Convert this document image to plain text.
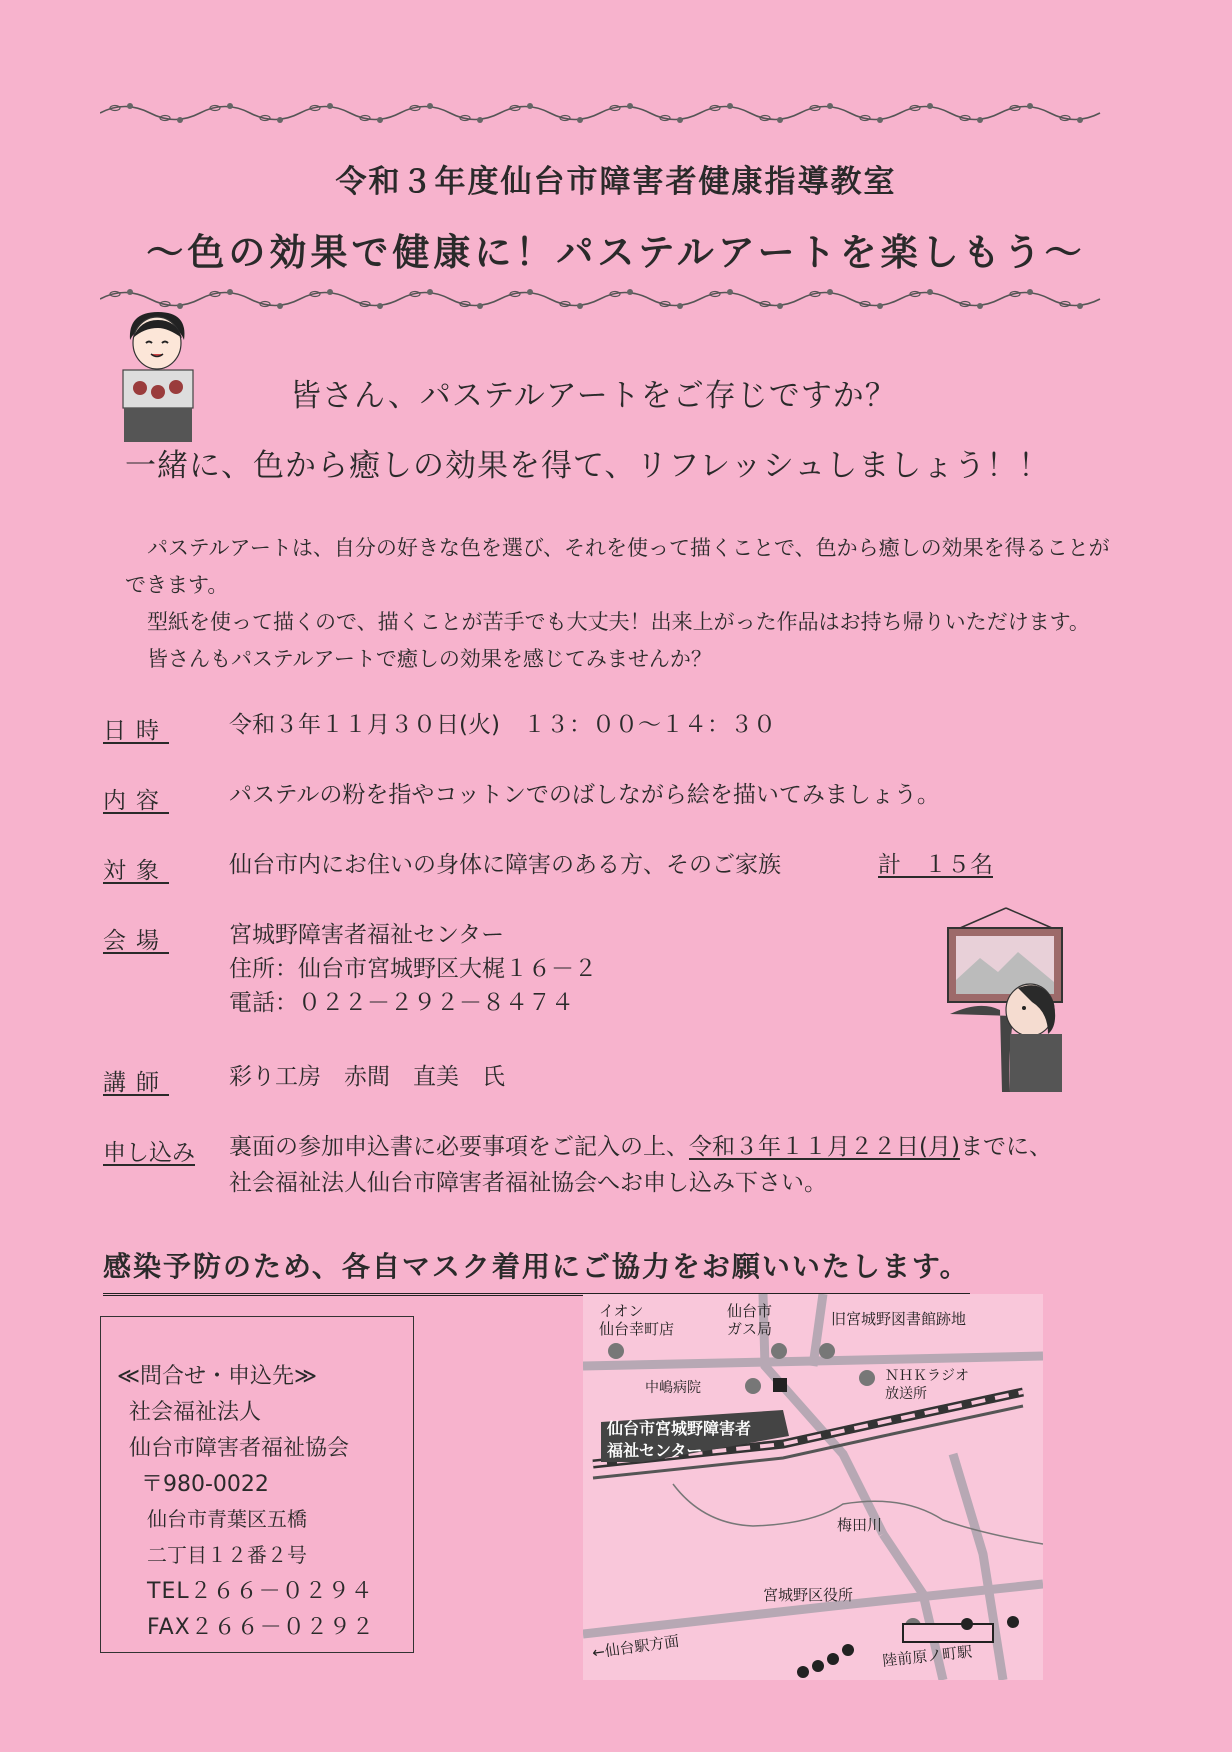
令和３年度仙台市障害者健康指導教室
～色の効果で健康に！パステルアートを楽しもう～
皆さん、パステルアートをご存じですか？
一緒に、色から癒しの効果を得て、リフレッシュしましょう！！

パステルアートは、自分の好きな色を選び、それを使って描くことで、色から癒しの効果を得ることができます。

型紙を使って描くので、描くことが苦手でも大丈夫！出来上がった作品はお持ち帰りいただけます。

皆さんもパステルアートで癒しの効果を感じてみませんか？

日時	令和３年１１月３０日(火)　１３：００～１４：３０
内容	パステルの粉を指やコットンでのばしながら絵を描いてみましょう。
対象	仙台市内にお住いの身体に障害のある方、そのご家族	計　１５名
会場	宮城野障害者福祉センター
住所：仙台市宮城野区大梶１６－２
電話：０２２－２９２－８４７４
講師	彩り工房　赤間　直美　氏
申し込み	裏面の参加申込書に必要事項をご記入の上、令和３年１１月２２日(月)までに、
社会福祉法人仙台市障害者福祉協会へお申し込み下さい。
感染予防のため、各自マスク着用にご協力をお願いいたします。
≪問合せ・申込先≫
社会福祉法人
仙台市障害者福祉協会
〒980-0022
仙台市青葉区五橋
二丁目１２番２号
TEL２６６－０２９４
FAX２６６－０２９２
仙台市宮城野障害者
福祉センター
イオン
仙台幸町店
仙台市
ガス局
旧宮城野図書館跡地
ＮＨＫラジオ
放送所
中嶋病院
梅田川
宮城野区役所
陸前原ノ町駅
←仙台駅方面
